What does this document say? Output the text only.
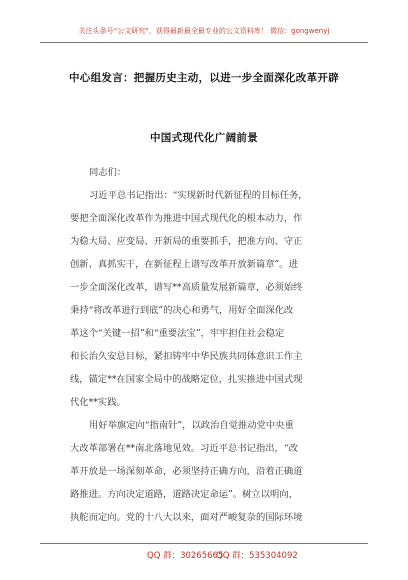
关注头条号“公文研究”，获得最新最全最专业的公文资料库！ 微信：gongwenyj
中心组发言：把握历史主动，以进一步全面深化改革开辟
中国式现代化广阔前景
同志们：
习近平总书记指出：“实现新时代新征程的目标任务，
要把全面深化改革作为推进中国式现代化的根本动力，作
为稳大局、应变局、开新局的重要抓手，把准方向、守正
创新、真抓实干，在新征程上谱写改革开放新篇章”。进
一步全面深化改革，谱写**高质量发展新篇章，必须始终
秉持“将改革进行到底”的决心和勇气，用好全面深化改
革这个“关键一招”和“重要法宝”，牢牢担住社会稳定
和长治久安总目标，紧扣铸牢中华民族共同体意识工作主
线，锚定**在国家全局中的战略定位，扎实推进中国式现
代化**实践。
用好举旗定向“指南针”，以政治自觉推动党中央重
大改革部署在**南北落地见效。习近平总书记指出，“改
革开放是一场深刻革命，必须坚持正确方向，沿着正确道
路推进。方向决定道路，道路决定命运”。树立以明向，
执舵而定向。党的十八大以来，面对严峻复杂的国际环境
QQ 群：30265665
QQ 群：535304092
